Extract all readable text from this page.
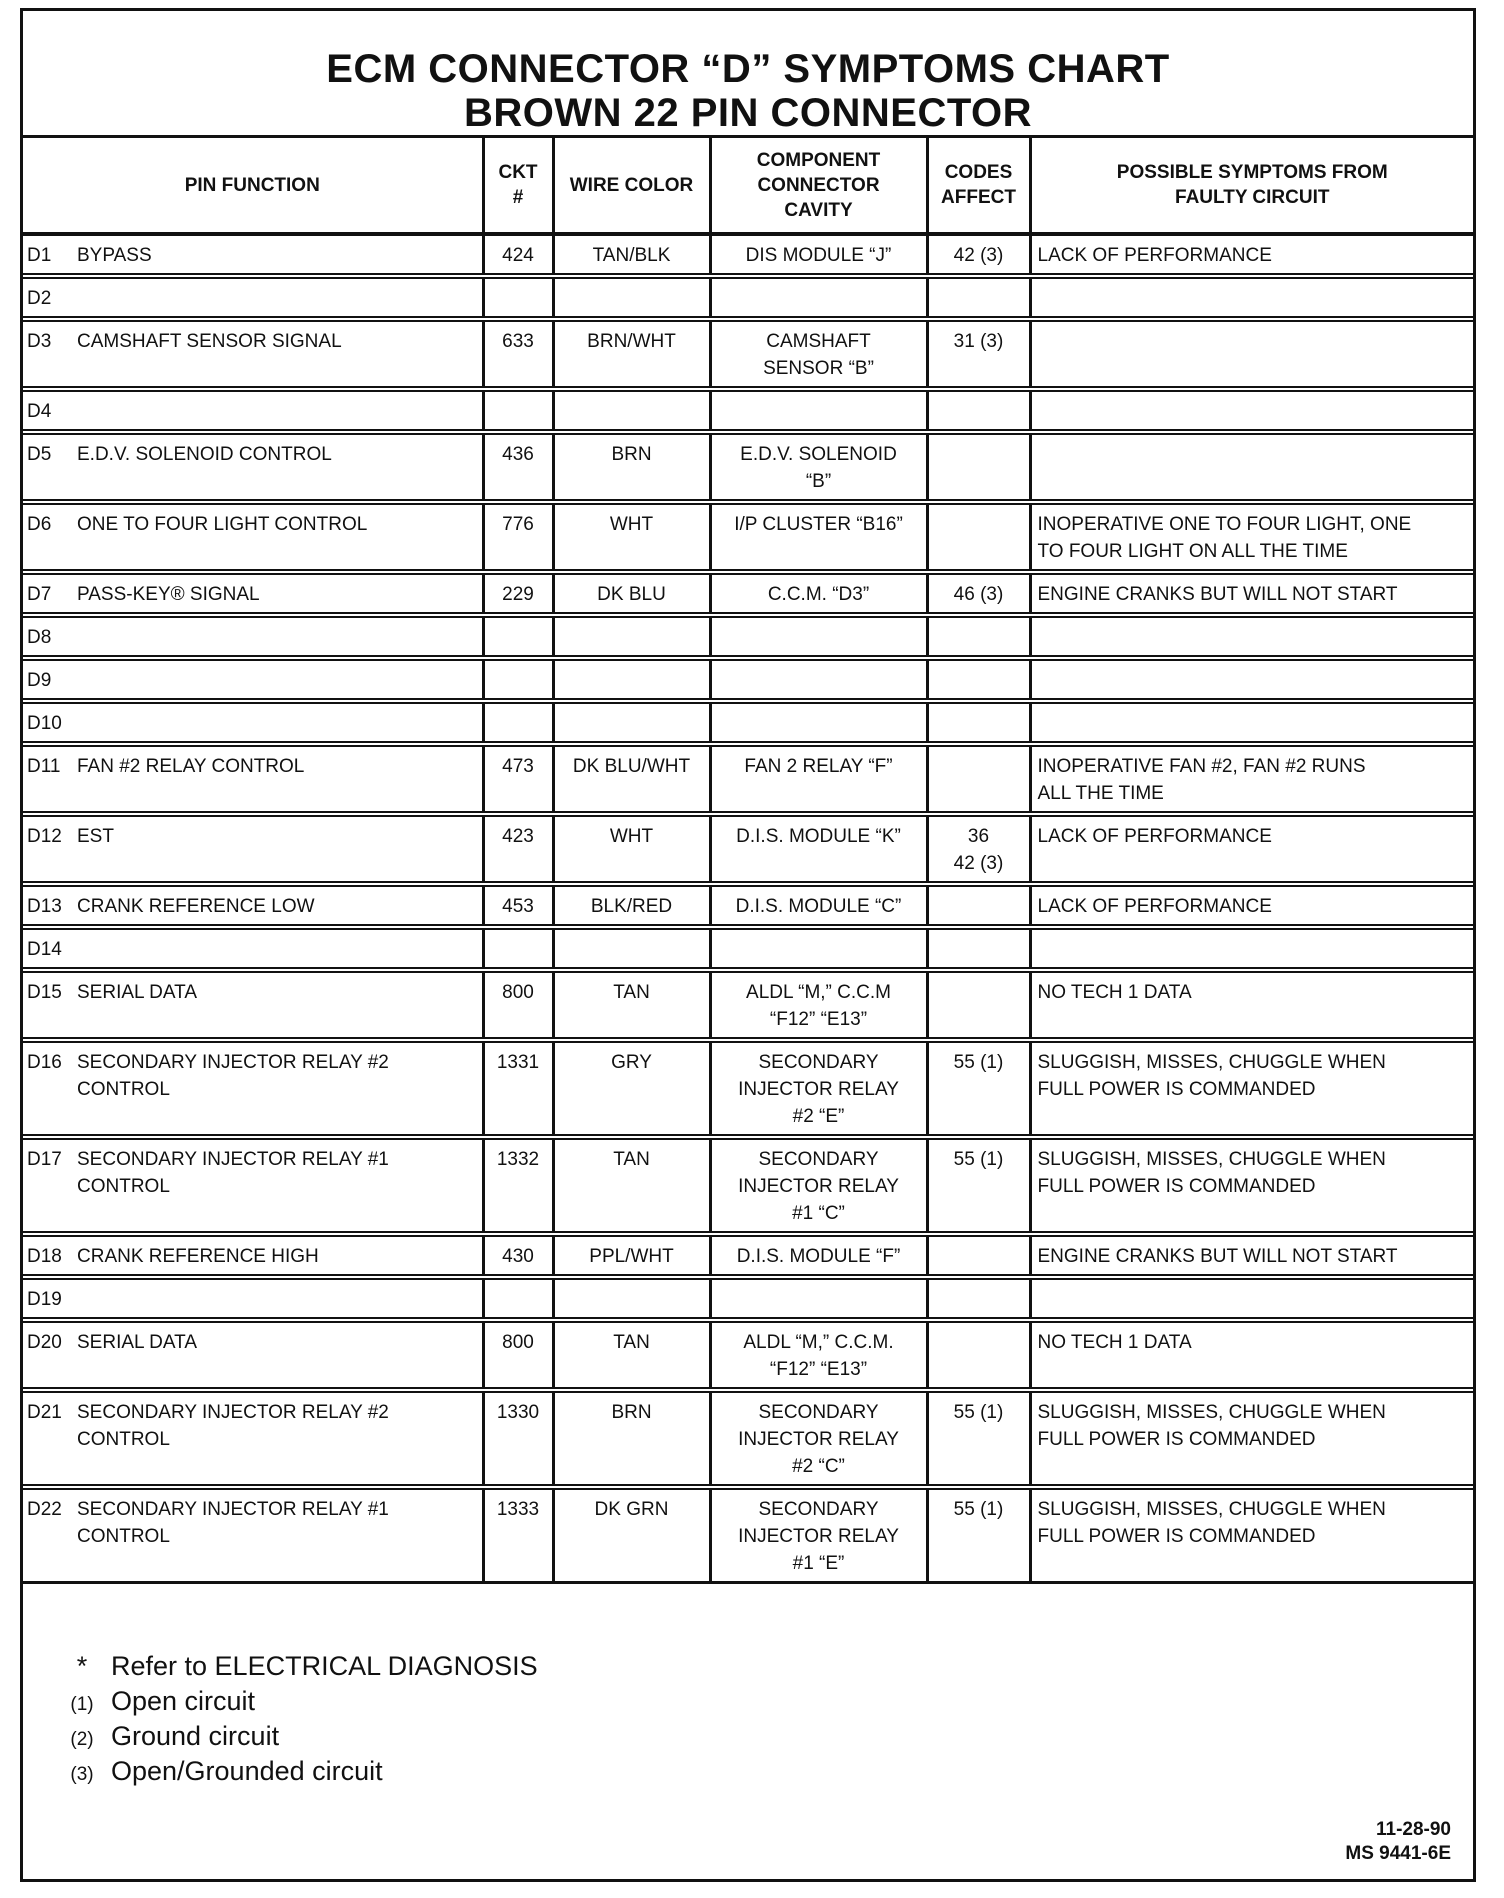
ECM CONNECTOR “D” SYMPTOMS CHART
BROWN 22 PIN CONNECTOR
PIN FUNCTION	CKT
#	WIRE COLOR	COMPONENT
CONNECTOR
CAVITY	CODES
AFFECT	POSSIBLE SYMPTOMS FROM
FAULTY CIRCUIT

D1 BYPASS	424	TAN/BLK	DIS MODULE “J”	42 (3)	LACK OF PERFORMANCE

D2					

D3 CAMSHAFT SENSOR SIGNAL	633	BRN/WHT	CAMSHAFT
SENSOR “B”	31 (3)	

D4					

D5 E.D.V. SOLENOID CONTROL	436	BRN	E.D.V. SOLENOID
“B”		

D6 ONE TO FOUR LIGHT CONTROL	776	WHT	I/P CLUSTER “B16”		INOPERATIVE ONE TO FOUR LIGHT, ONE
TO FOUR LIGHT ON ALL THE TIME

D7 PASS-KEY® SIGNAL	229	DK BLU	C.C.M. “D3”	46 (3)	ENGINE CRANKS BUT WILL NOT START

D8					

D9					

D10					

D11 FAN #2 RELAY CONTROL	473	DK BLU/WHT	FAN 2 RELAY “F”		INOPERATIVE FAN #2, FAN #2 RUNS
ALL THE TIME

D12 EST	423	WHT	D.I.S. MODULE “K”	36
42 (3)	LACK OF PERFORMANCE

D13 CRANK REFERENCE LOW	453	BLK/RED	D.I.S. MODULE “C”		LACK OF PERFORMANCE

D14					

D15 SERIAL DATA	800	TAN	ALDL “M,” C.C.M
“F12” “E13”		NO TECH 1 DATA

D16 SECONDARY INJECTOR RELAY #2
CONTROL	1331	GRY	SECONDARY
INJECTOR RELAY
#2 “E”	55 (1)	SLUGGISH, MISSES, CHUGGLE WHEN
FULL POWER IS COMMANDED

D17 SECONDARY INJECTOR RELAY #1
CONTROL	1332	TAN	SECONDARY
INJECTOR RELAY
#1 “C”	55 (1)	SLUGGISH, MISSES, CHUGGLE WHEN
FULL POWER IS COMMANDED

D18 CRANK REFERENCE HIGH	430	PPL/WHT	D.I.S. MODULE “F”		ENGINE CRANKS BUT WILL NOT START

D19					

D20 SERIAL DATA	800	TAN	ALDL “M,” C.C.M.
“F12” “E13”		NO TECH 1 DATA

D21 SECONDARY INJECTOR RELAY #2
CONTROL	1330	BRN	SECONDARY
INJECTOR RELAY
#2 “C”	55 (1)	SLUGGISH, MISSES, CHUGGLE WHEN
FULL POWER IS COMMANDED

D22 SECONDARY INJECTOR RELAY #1
CONTROL	1333	DK GRN	SECONDARY
INJECTOR RELAY
#1 “E”	55 (1)	SLUGGISH, MISSES, CHUGGLE WHEN
FULL POWER IS COMMANDED
* Refer to ELECTRICAL DIAGNOSIS
(1) Open circuit
(2) Ground circuit
(3) Open/Grounded circuit
11-28-90
MS 9441-6E
